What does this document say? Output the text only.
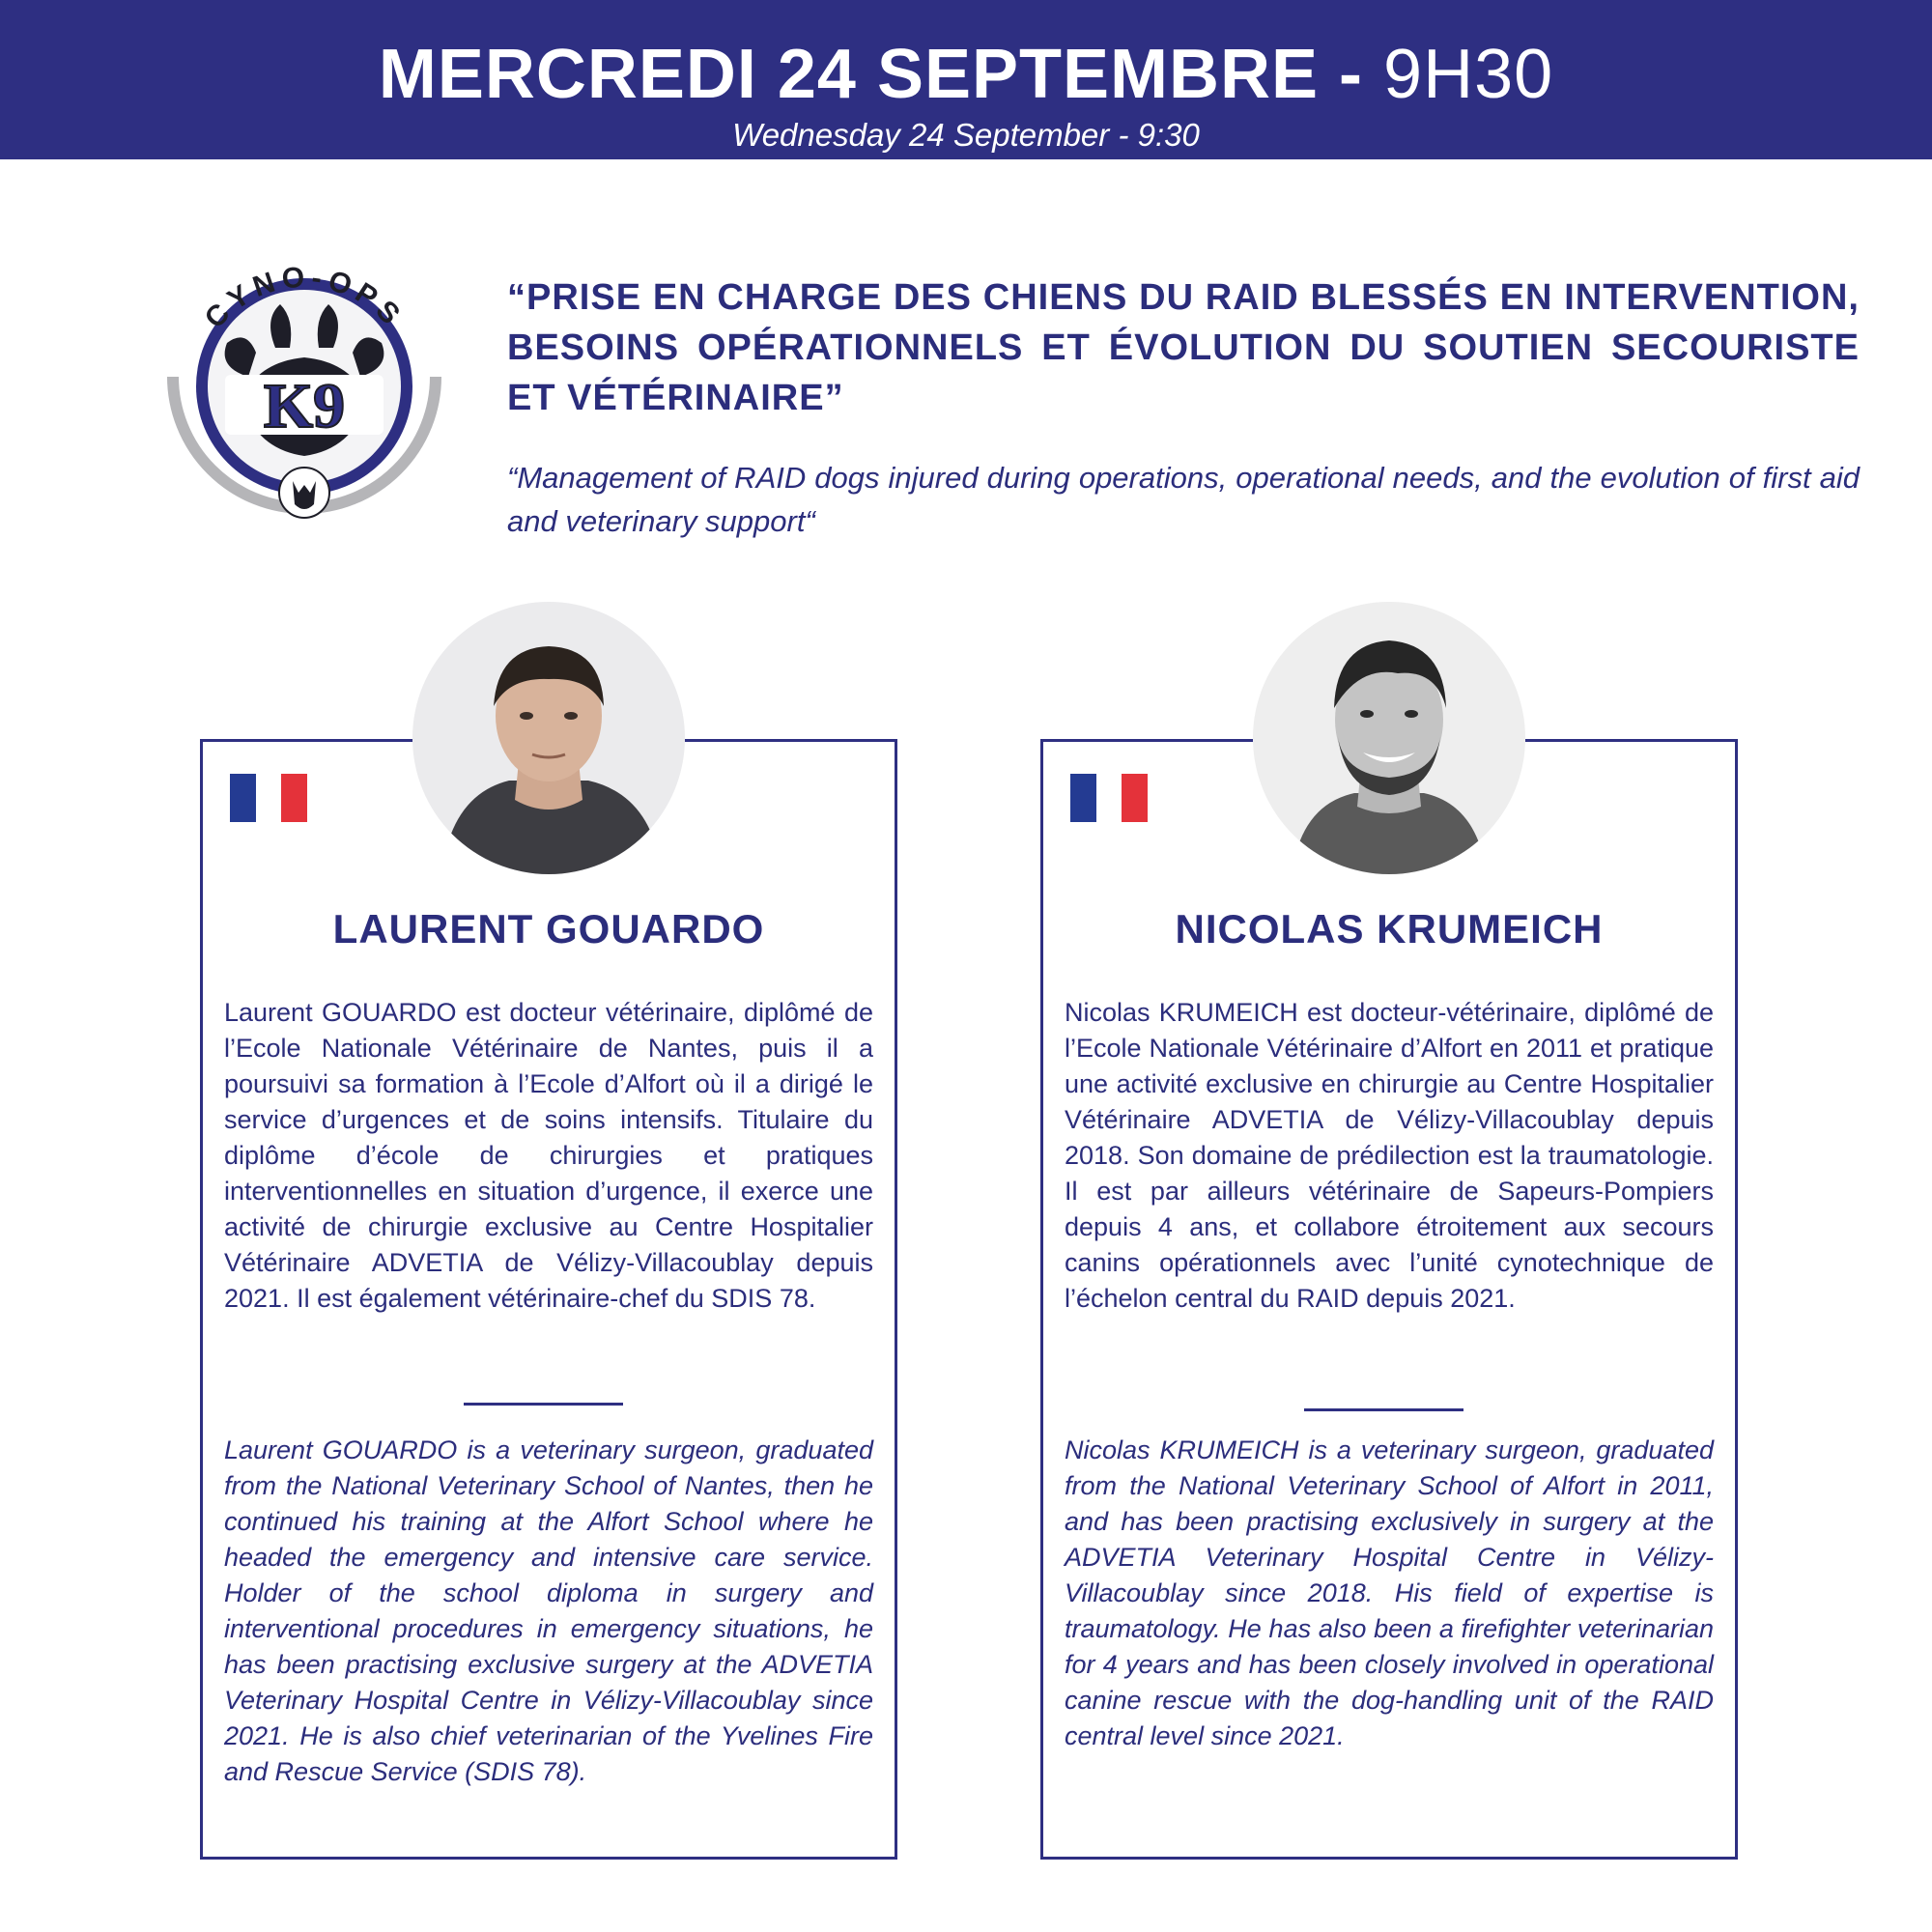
MERCREDI 24 SEPTEMBRE - 9H30
Wednesday 24 September - 9:30
CYNO-OPS
K9
“PRISE EN CHARGE DES CHIENS DU RAID BLESSÉS EN INTERVENTION, BESOINS OPÉRATIONNELS ET ÉVOLUTION DU SOUTIEN SECOURISTE ET VÉTÉRINAIRE”
“Management of RAID dogs injured during operations, operational needs, and the evolution of first aid and veterinary support“
LAURENT GOUARDO
Laurent GOUARDO est docteur vétérinaire, diplômé de l’Ecole Nationale Vétérinaire de Nantes, puis il a poursuivi sa formation à l’Ecole d’Alfort où il a dirigé le service d’urgences et de soins intensifs. Titulaire du diplôme d’école de chirurgies et pratiques interventionnelles en situation d’urgence, il exerce une activité de chirurgie exclusive au Centre Hospitalier Vétérinaire ADVETIA de Vélizy-Villacoublay depuis 2021. Il est également vétérinaire-chef du SDIS 78.
Laurent GOUARDO is a veterinary surgeon, graduated from the National Veterinary School of Nantes, then he continued his training at the Alfort School where he headed the emergency and intensive care service. Holder of the school diploma in surgery and interventional procedures in emergency situations, he has been practising exclusive surgery at the ADVETIA Veterinary Hospital Centre in Vélizy-Villacoublay since 2021. He is also chief veterinarian of the Yvelines Fire and Rescue Service (SDIS 78).
NICOLAS KRUMEICH
Nicolas KRUMEICH est docteur-vétérinaire, diplômé de l’Ecole Nationale Vétérinaire d’Alfort en 2011 et pratique une activité exclusive en chirurgie au Centre Hospitalier Vétérinaire ADVETIA de Vélizy-Villacoublay depuis 2018. Son domaine de prédilection est la traumatologie. Il est par ailleurs vétérinaire de Sapeurs-Pompiers depuis 4 ans, et collabore étroitement aux secours canins opérationnels avec l’unité cynotechnique de l’échelon central du RAID depuis 2021.
Nicolas KRUMEICH is a veterinary surgeon, graduated from the National Veterinary School of Alfort in 2011, and has been practising exclusively in surgery at the ADVETIA Veterinary Hospital Centre in Vélizy-Villacoublay since 2018. His field of expertise is traumatology. He has also been a firefighter veterinarian for 4 years and has been closely involved in operational canine rescue with the dog-handling unit of the RAID central level since 2021.
